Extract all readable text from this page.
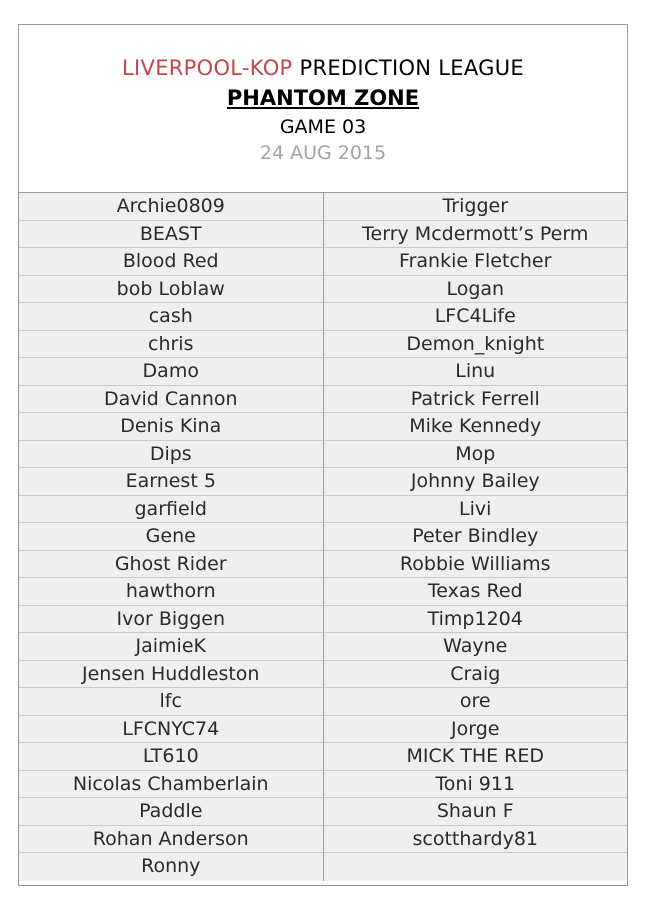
LIVERPOOL-KOP PREDICTION LEAGUE
PHANTOM ZONE
GAME 03
24 AUG 2015
Archie0809	Trigger
BEAST	Terry Mcdermott’s Perm
Blood Red	Frankie Fletcher
bob Loblaw	Logan
cash	LFC4Life
chris	Demon_knight
Damo	Linu
David Cannon	Patrick Ferrell
Denis Kina	Mike Kennedy
Dips	Mop
Earnest 5	Johnny Bailey
garfield	Livi
Gene	Peter Bindley
Ghost Rider	Robbie Williams
hawthorn	Texas Red
Ivor Biggen	Timp1204
JaimieK	Wayne
Jensen Huddleston	Craig
lfc	ore
LFCNYC74	Jorge
LT610	MICK THE RED
Nicolas Chamberlain	Toni 911
Paddle	Shaun F
Rohan Anderson	scotthardy81
Ronny
